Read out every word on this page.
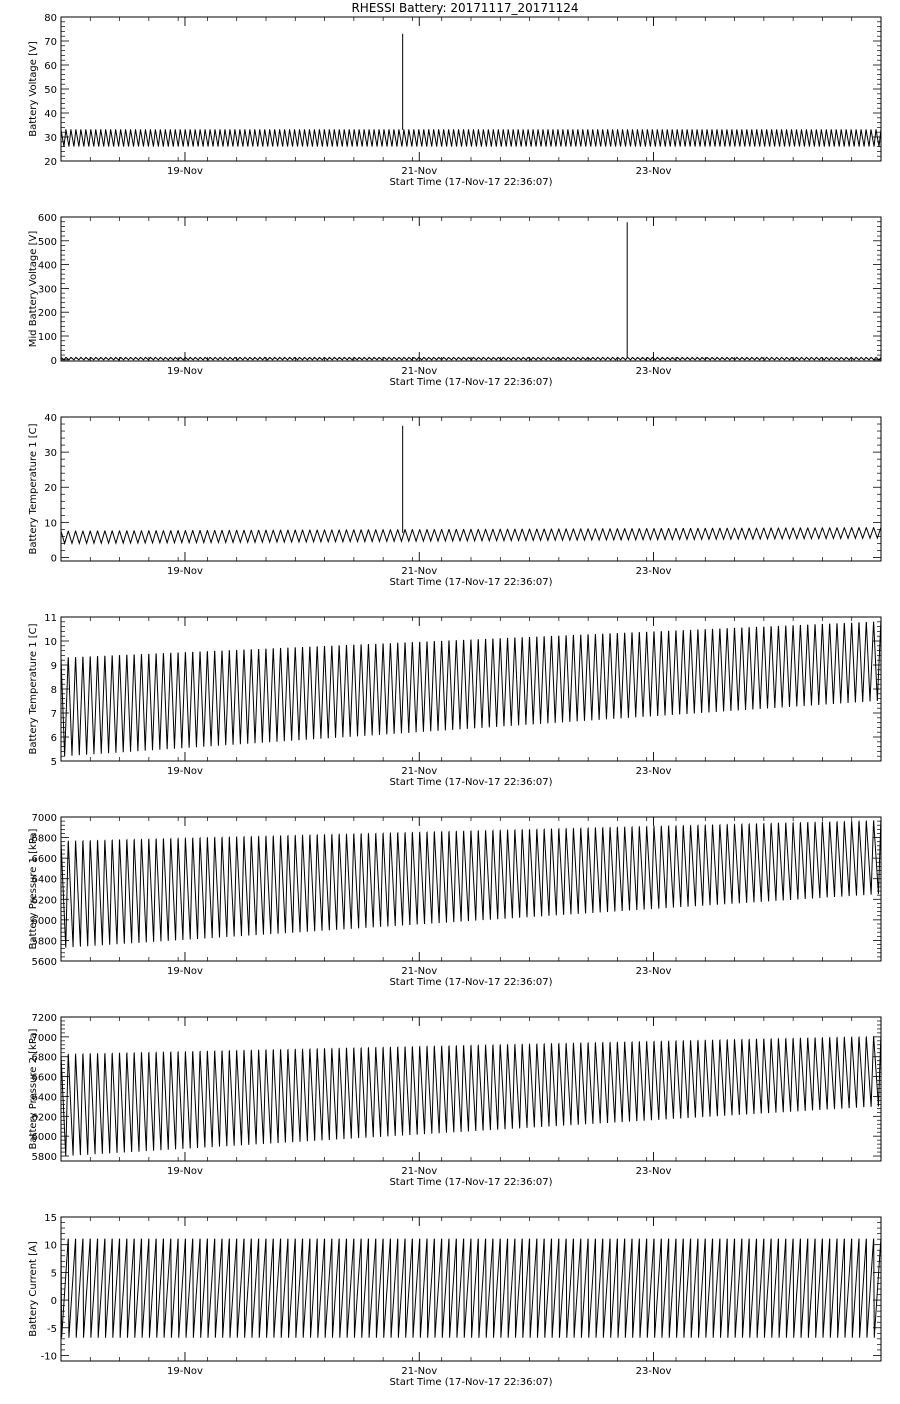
RHESSI Battery: 20171117_20171124
20
30
40
50
60
70
80
19-Nov	21-Nov	23-Nov
Start Time (17-Nov-17 22:36:07)
Battery Voltage [V]
0
100
200
300
400
500
600
19-Nov	21-Nov	23-Nov
Start Time (17-Nov-17 22:36:07)
Mid Battery Voltage [V]
0
10
20
30
40
19-Nov	21-Nov	23-Nov
Start Time (17-Nov-17 22:36:07)
Battery Temperature 1 [C]
5
6
7
8
9
10
11
19-Nov	21-Nov	23-Nov
Start Time (17-Nov-17 22:36:07)
Battery Temperature 1 [C]
5600
5800
6000
6200
6400
6600
6800
7000
19-Nov	21-Nov	23-Nov
Start Time (17-Nov-17 22:36:07)
Battery Pressure 1 [kPa]
5800
6000
6200
6400
6600
6800
7000
7200
19-Nov	21-Nov	23-Nov
Start Time (17-Nov-17 22:36:07)
Battery Pressure 2 [kPa]
-10
-5
0
5
10
15
19-Nov	21-Nov	23-Nov
Start Time (17-Nov-17 22:36:07)
Battery Current [A]
